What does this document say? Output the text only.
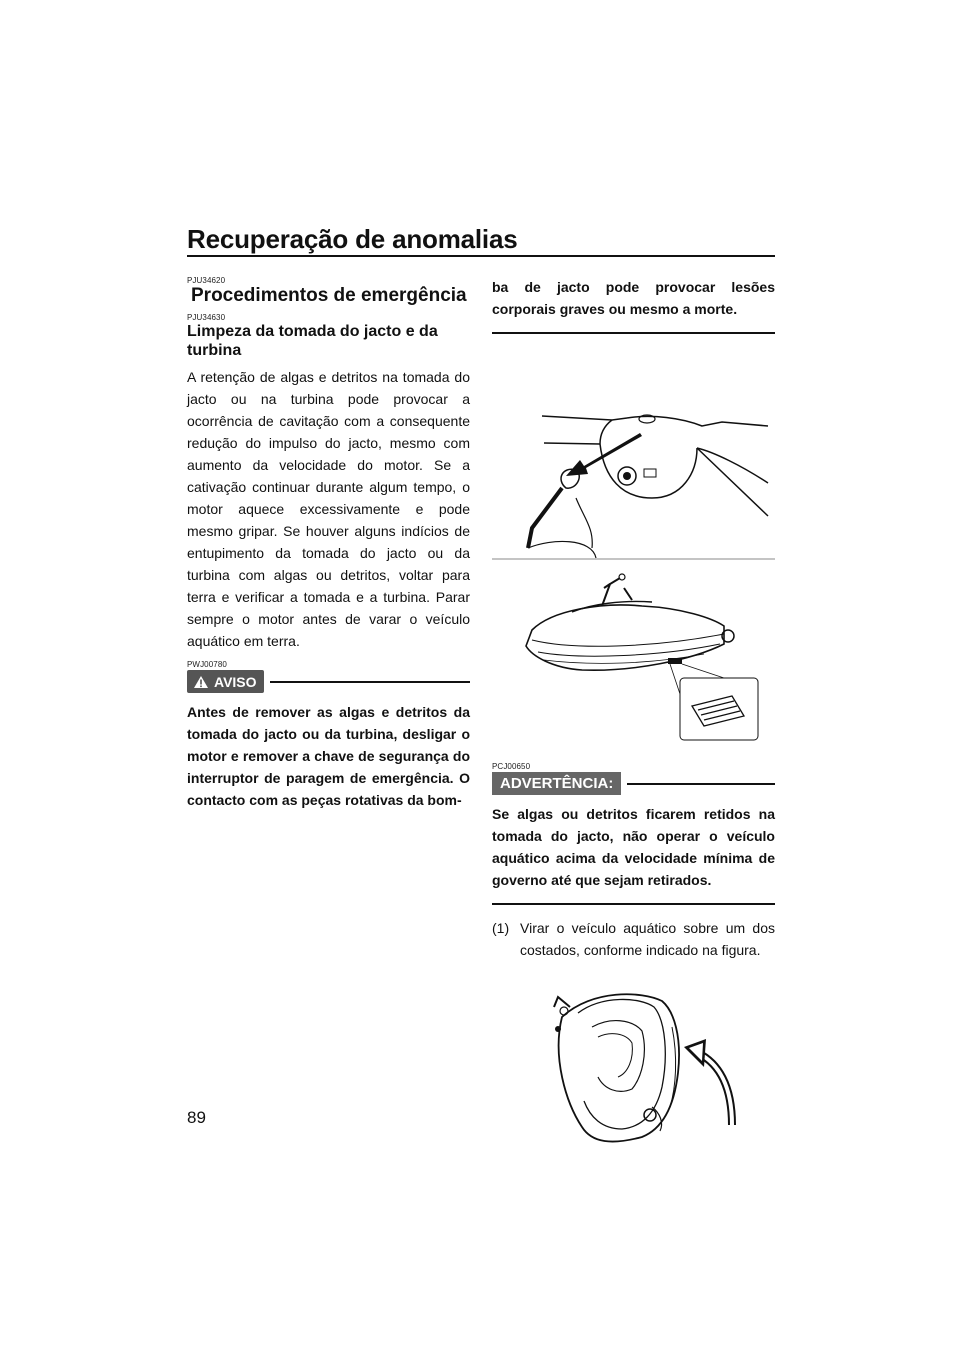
Recuperação de anomalias
PJU34620
Procedimentos de emergência
PJU34630
Limpeza da tomada do jacto e da turbina
A retenção de algas e detritos na tomada do jacto ou na turbina pode provocar a ocorrência de cavitação com a consequente redução do impulso do jacto, mesmo com aumento da velocidade do motor. Se a cativação continuar durante algum tempo, o motor aquece excessivamente e pode mesmo gripar. Se houver alguns indícios de entupimento da tomada do jacto ou da turbina com algas ou detritos, voltar para terra e verificar a tomada e a turbina. Parar sempre o motor antes de varar o veículo aquático em terra.
PWJ00780
AVISO
Antes de remover as algas e detritos da tomada do jacto ou da turbina, desligar o motor e remover a chave de segurança do interruptor de paragem de emergência. O contacto com as peças rotativas da bom-
ba de jacto pode provocar lesões corporais graves ou mesmo a morte.
PCJ00650
ADVERTÊNCIA:
Se algas ou detritos ficarem retidos na tomada do jacto, não operar o veículo aquático acima da velocidade mínima de governo até que sejam retirados.
(1) Virar o veículo aquático sobre um dos costados, conforme indicado na figura.
89
